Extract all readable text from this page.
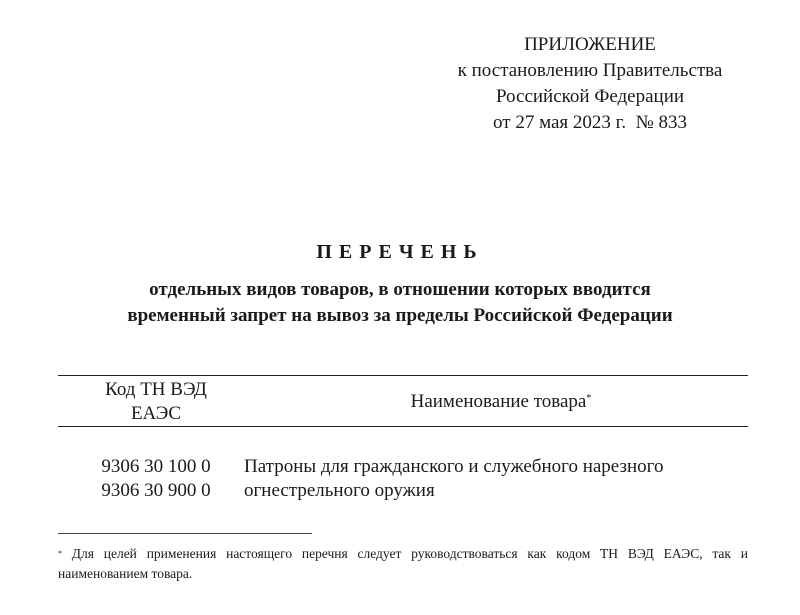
ПРИЛОЖЕНИЕ
к постановлению Правительства
Российской Федерации
от 27 мая 2023 г.  № 833
ПЕРЕЧЕНЬ
отдельных видов товаров, в отношении которых вводится
временный запрет на вывоз за пределы Российской Федерации
Код ТН ВЭД
ЕАЭС
Наименование товара*
9306 30 100 0
9306 30 900 0
Патроны для гражданского и служебного нарезного
огнестрельного оружия
* Для целей применения настоящего перечня следует руководствоваться как кодом ТН ВЭД ЕАЭС, так и наименованием товара.
